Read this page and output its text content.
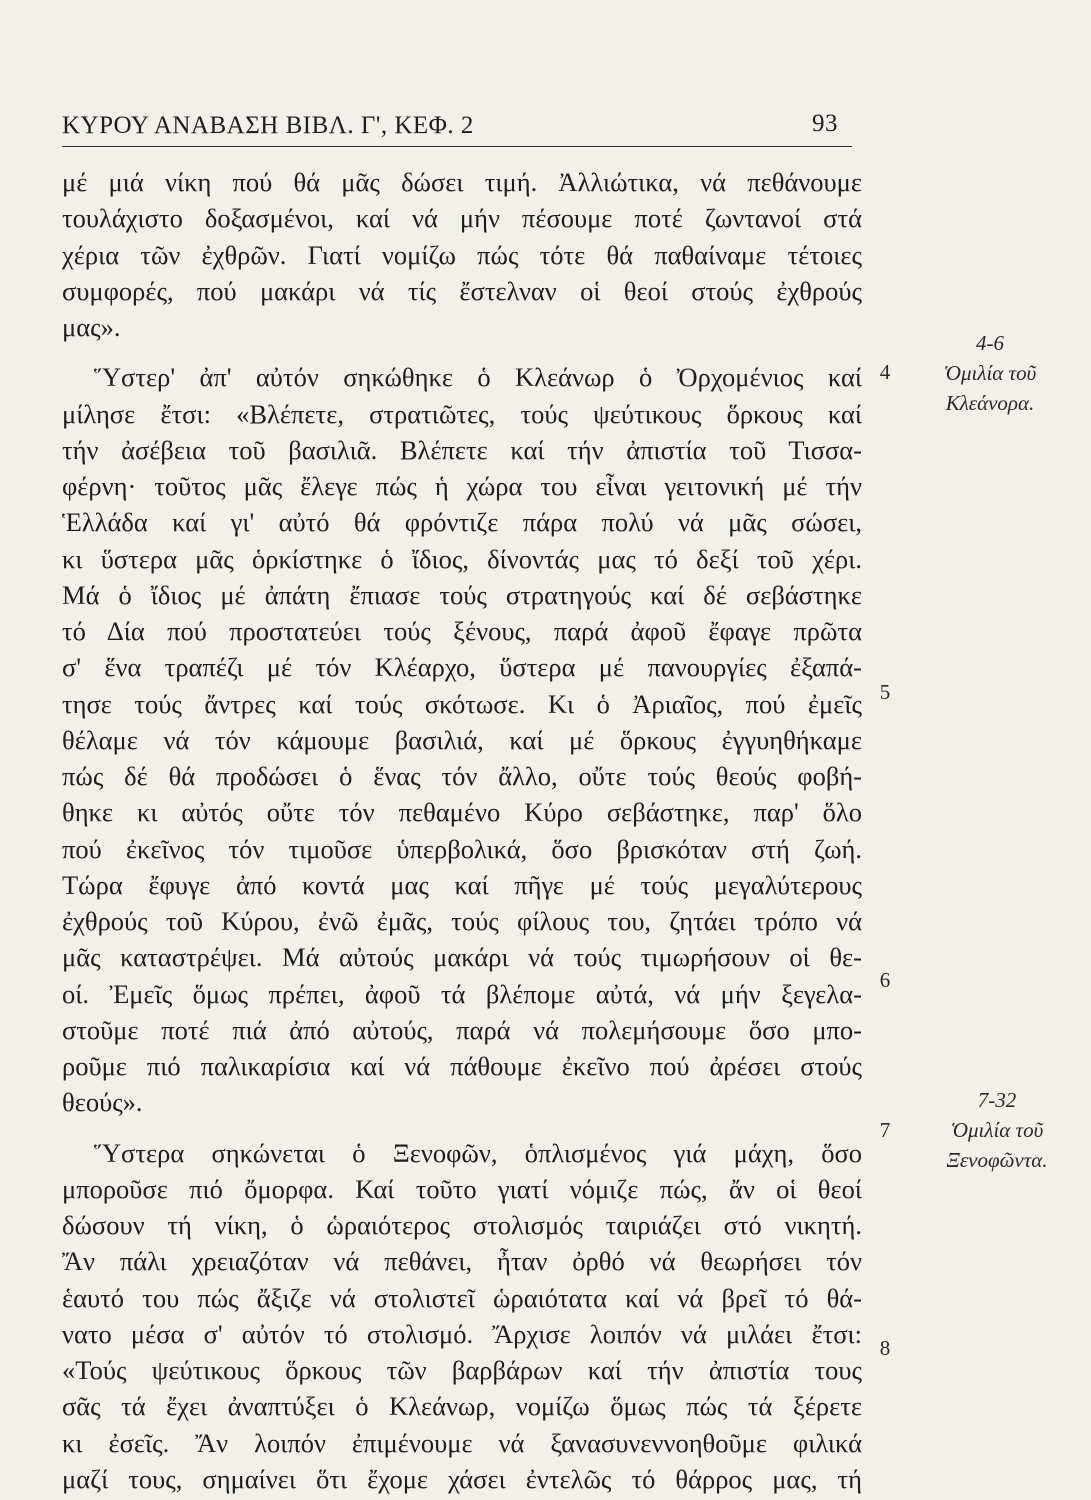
ΚΥΡΟΥ ΑΝΑΒΑΣΗ ΒΙΒΛ. Γ', ΚΕΦ. 2	93
μέ μιά νίκη πού θά μᾶς δώσει τιμή. Ἀλλιώτικα, νά πεθάνουμε
τουλάχιστο δοξασμένοι, καί νά μήν πέσουμε ποτέ ζωντανοί στά
χέρια τῶν ἐχθρῶν. Γιατί νομίζω πώς τότε θά παθαίναμε τέτοιες
συμφορές, πού μακάρι νά τίς ἔστελναν οἱ θεοί στούς ἐχθρούς
μας».
Ὕστερ' ἀπ' αὐτόν σηκώθηκε ὁ Κλεάνωρ ὁ Ὀρχομένιος καί
μίλησε ἔτσι: «Βλέπετε, στρατιῶτες, τούς ψεύτικους ὅρκους καί
τήν ἀσέβεια τοῦ βασιλιᾶ. Βλέπετε καί τήν ἀπιστία τοῦ Τισσα-
φέρνη· τοῦτος μᾶς ἔλεγε πώς ἡ χώρα του εἶναι γειτονική μέ τήν
Ἑλλάδα καί γι' αὐτό θά φρόντιζε πάρα πολύ νά μᾶς σώσει,
κι ὕστερα μᾶς ὁρκίστηκε ὁ ἴδιος, δίνοντάς μας τό δεξί τοῦ χέρι.
Μά ὁ ἴδιος μέ ἀπάτη ἔπιασε τούς στρατηγούς καί δέ σεβάστηκε
τό Δία πού προστατεύει τούς ξένους, παρά ἀφοῦ ἔφαγε πρῶτα
σ' ἕνα τραπέζι μέ τόν Κλέαρχο, ὕστερα μέ πανουργίες ἐξαπά-
τησε τούς ἄντρες καί τούς σκότωσε. Κι ὁ Ἀριαῖος, πού ἐμεῖς
θέλαμε νά τόν κάμουμε βασιλιά, καί μέ ὅρκους ἐγγυηθήκαμε
πώς δέ θά προδώσει ὁ ἕνας τόν ἄλλο, οὔτε τούς θεούς φοβή-
θηκε κι αὐτός οὔτε τόν πεθαμένο Κύρο σεβάστηκε, παρ' ὅλο
πού ἐκεῖνος τόν τιμοῦσε ὑπερβολικά, ὅσο βρισκόταν στή ζωή.
Τώρα ἔφυγε ἀπό κοντά μας καί πῆγε μέ τούς μεγαλύτερους
ἐχθρούς τοῦ Κύρου, ἐνῶ ἐμᾶς, τούς φίλους του, ζητάει τρόπο νά
μᾶς καταστρέψει. Μά αὐτούς μακάρι νά τούς τιμωρήσουν οἱ θε-
οί. Ἐμεῖς ὅμως πρέπει, ἀφοῦ τά βλέπομε αὐτά, νά μήν ξεγελα-
στοῦμε ποτέ πιά ἀπό αὐτούς, παρά νά πολεμήσουμε ὅσο μπο-
ροῦμε πιό παλικαρίσια καί νά πάθουμε ἐκεῖνο πού ἀρέσει στούς
θεούς».
Ὕστερα σηκώνεται ὁ Ξενοφῶν, ὁπλισμένος γιά μάχη, ὅσο
μποροῦσε πιό ὄμορφα. Καί τοῦτο γιατί νόμιζε πώς, ἄν οἱ θεοί
δώσουν τή νίκη, ὁ ὡραιότερος στολισμός ταιριάζει στό νικητή.
Ἄν πάλι χρειαζόταν νά πεθάνει, ἦταν ὀρθό νά θεωρήσει τόν
ἑαυτό του πώς ἄξιζε νά στολιστεῖ ὡραιότατα καί νά βρεῖ τό θά-
νατο μέσα σ' αὐτόν τό στολισμό. Ἄρχισε λοιπόν νά μιλάει ἔτσι:
«Τούς ψεύτικους ὅρκους τῶν βαρβάρων καί τήν ἀπιστία τους
σᾶς τά ἔχει ἀναπτύξει ὁ Κλεάνωρ, νομίζω ὅμως πώς τά ξέρετε
κι ἐσεῖς. Ἄν λοιπόν ἐπιμένουμε νά ξανασυνεννοηθοῦμε φιλικά
μαζί τους, σημαίνει ὅτι ἔχομε χάσει ἐντελῶς τό θάρρος μας, τή
4
5
6
7
8
4-6
Ὁμιλία τοῦ
Κλεάνορα.
7-32
Ὁμιλία τοῦ
Ξενοφῶντα.
